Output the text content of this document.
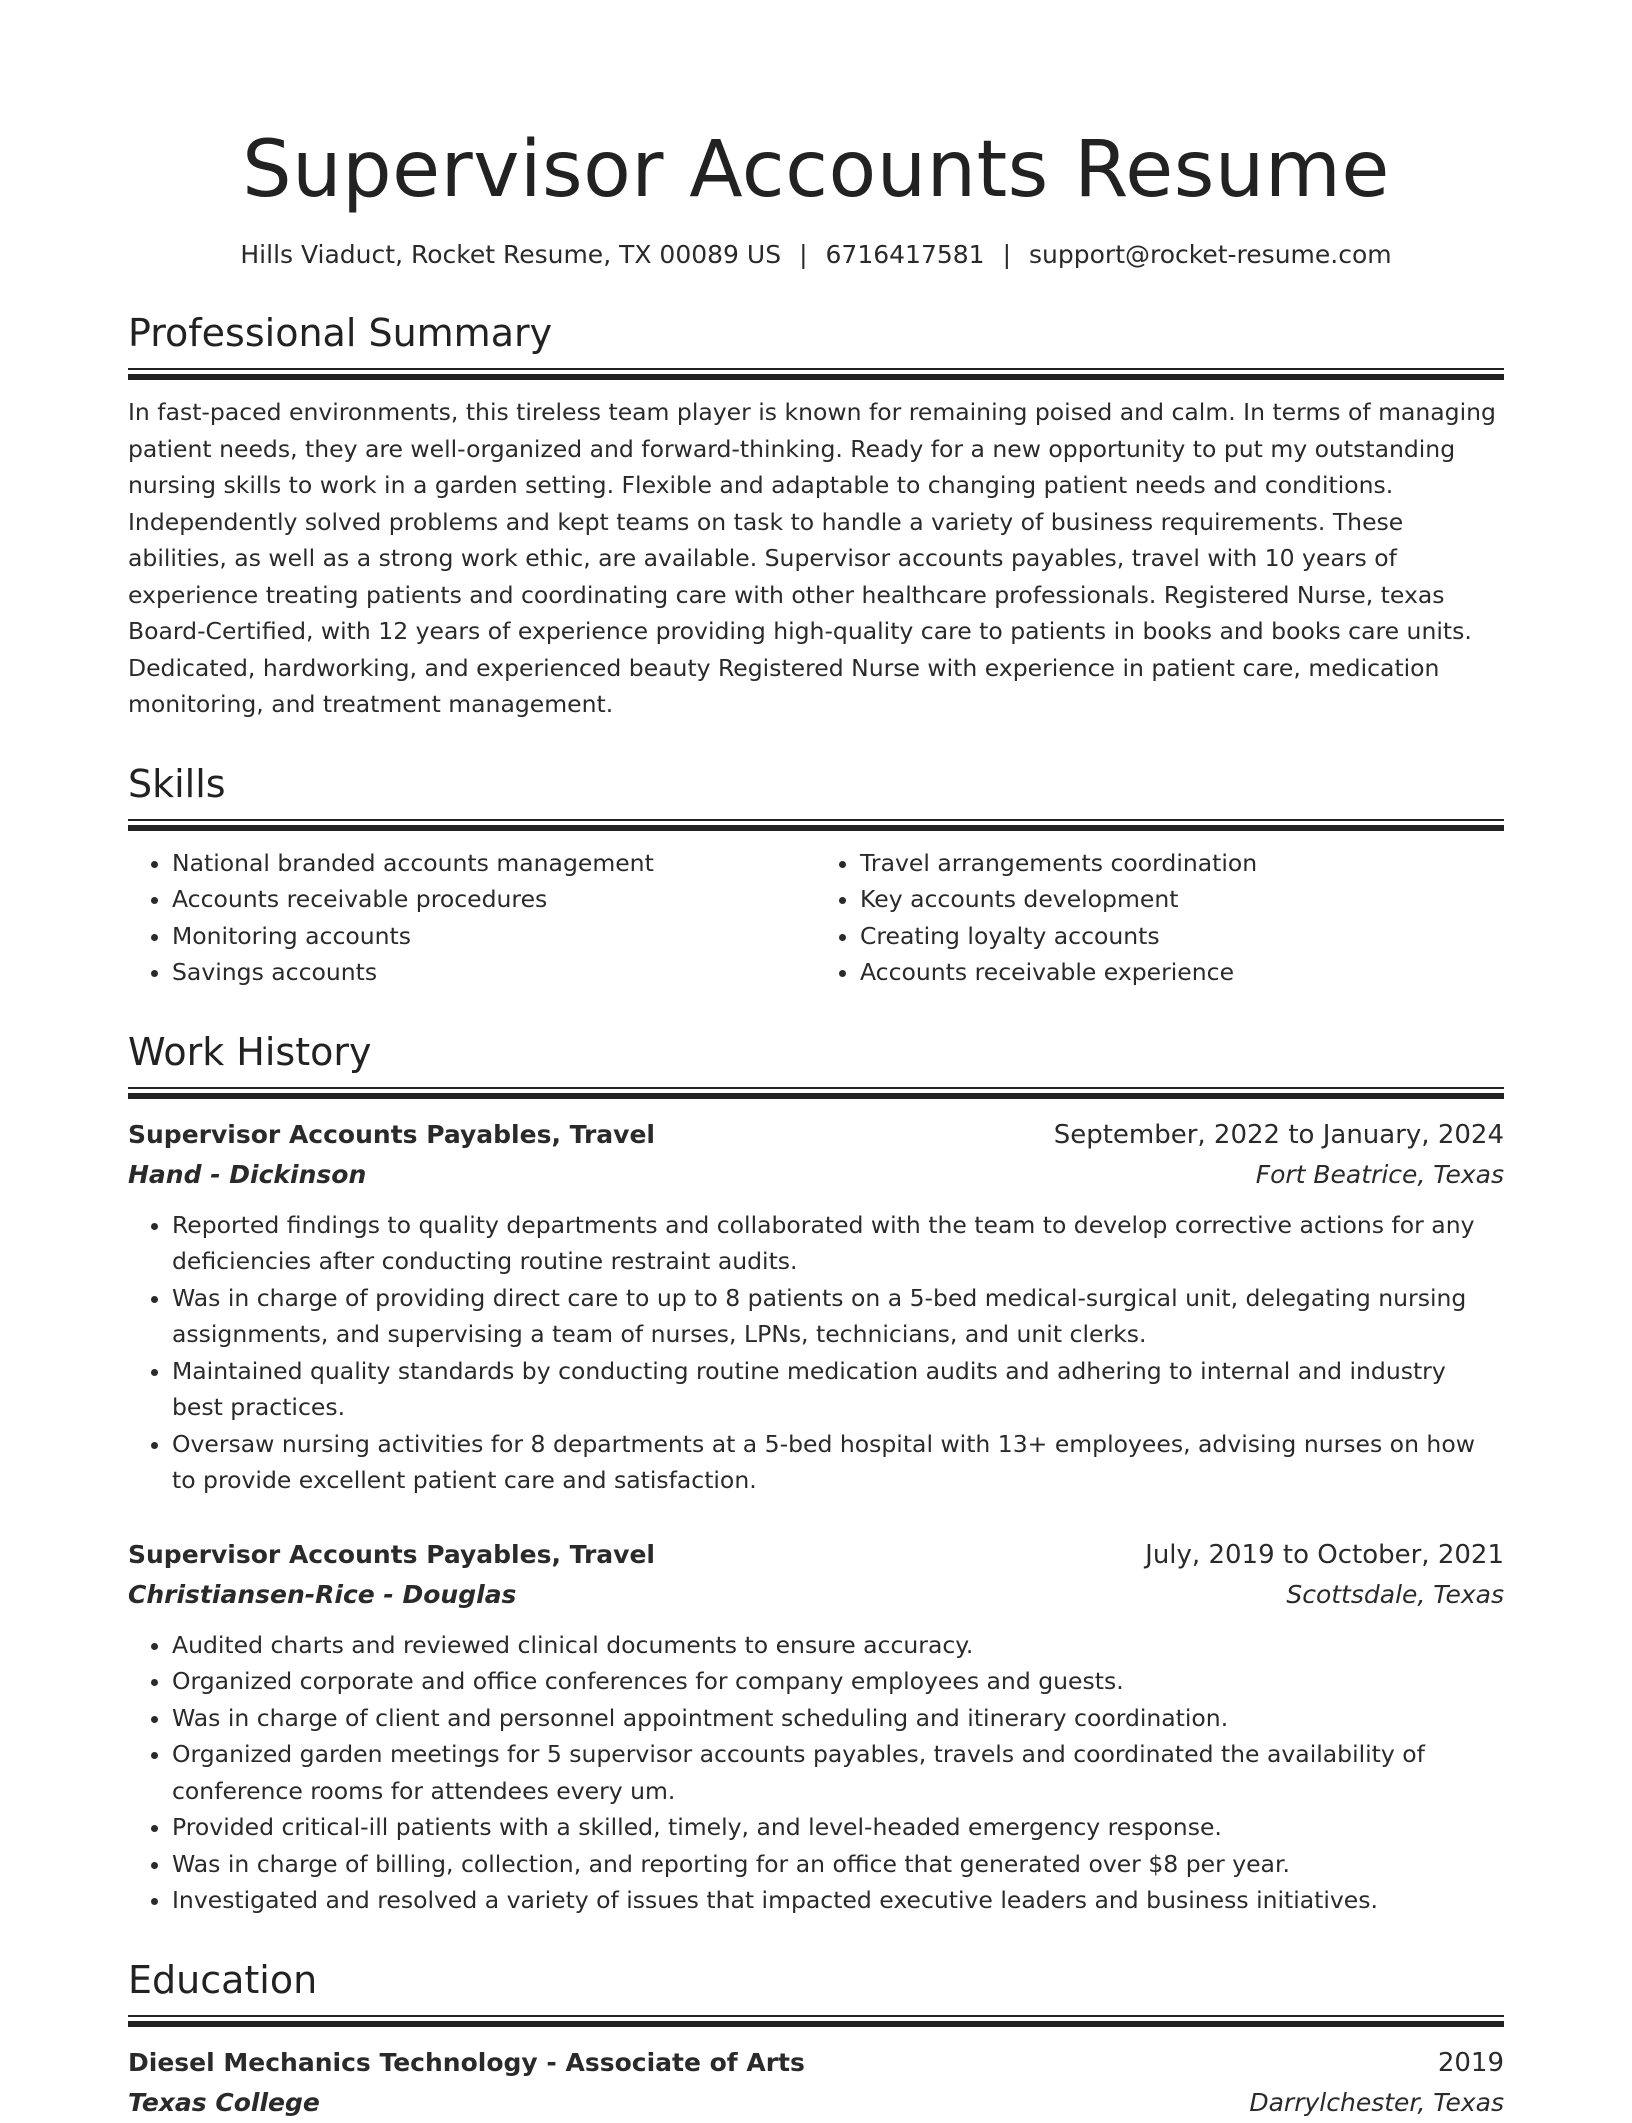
Supervisor Accounts Resume
Hills Viaduct, Rocket Resume, TX 00089 US | 6716417581 | support@rocket-resume.com
Professional Summary
In fast-paced environments, this tireless team player is known for remaining poised and calm. In terms of managing patient needs, they are well-organized and forward-thinking. Ready for a new opportunity to put my outstanding nursing skills to work in a garden setting. Flexible and adaptable to changing patient needs and conditions. Independently solved problems and kept teams on task to handle a variety of business requirements. These abilities, as well as a strong work ethic, are available. Supervisor accounts payables, travel with 10 years of experience treating patients and coordinating care with other healthcare professionals. Registered Nurse, texas Board-Certified, with 12 years of experience providing high-quality care to patients in books and books care units. Dedicated, hardworking, and experienced beauty Registered Nurse with experience in patient care, medication monitoring, and treatment management.
Skills
• National branded accounts management
• Accounts receivable procedures
• Monitoring accounts
• Savings accounts
• Travel arrangements coordination
• Key accounts development
• Creating loyalty accounts
• Accounts receivable experience
Work History
Supervisor Accounts Payables, Travel	September, 2022 to January, 2024
Hand - Dickinson	Fort Beatrice, Texas
• Reported findings to quality departments and collaborated with the team to develop corrective actions for any deficiencies after conducting routine restraint audits.
• Was in charge of providing direct care to up to 8 patients on a 5-bed medical-surgical unit, delegating nursing assignments, and supervising a team of nurses, LPNs, technicians, and unit clerks.
• Maintained quality standards by conducting routine medication audits and adhering to internal and industry best practices.
• Oversaw nursing activities for 8 departments at a 5-bed hospital with 13+ employees, advising nurses on how to provide excellent patient care and satisfaction.
Supervisor Accounts Payables, Travel	July, 2019 to October, 2021
Christiansen-Rice - Douglas	Scottsdale, Texas
• Audited charts and reviewed clinical documents to ensure accuracy.
• Organized corporate and office conferences for company employees and guests.
• Was in charge of client and personnel appointment scheduling and itinerary coordination.
• Organized garden meetings for 5 supervisor accounts payables, travels and coordinated the availability of conference rooms for attendees every um.
• Provided critical-ill patients with a skilled, timely, and level-headed emergency response.
• Was in charge of billing, collection, and reporting for an office that generated over $8 per year.
• Investigated and resolved a variety of issues that impacted executive leaders and business initiatives.
Education
Diesel Mechanics Technology - Associate of Arts	2019
Texas College	Darrylchester, Texas
